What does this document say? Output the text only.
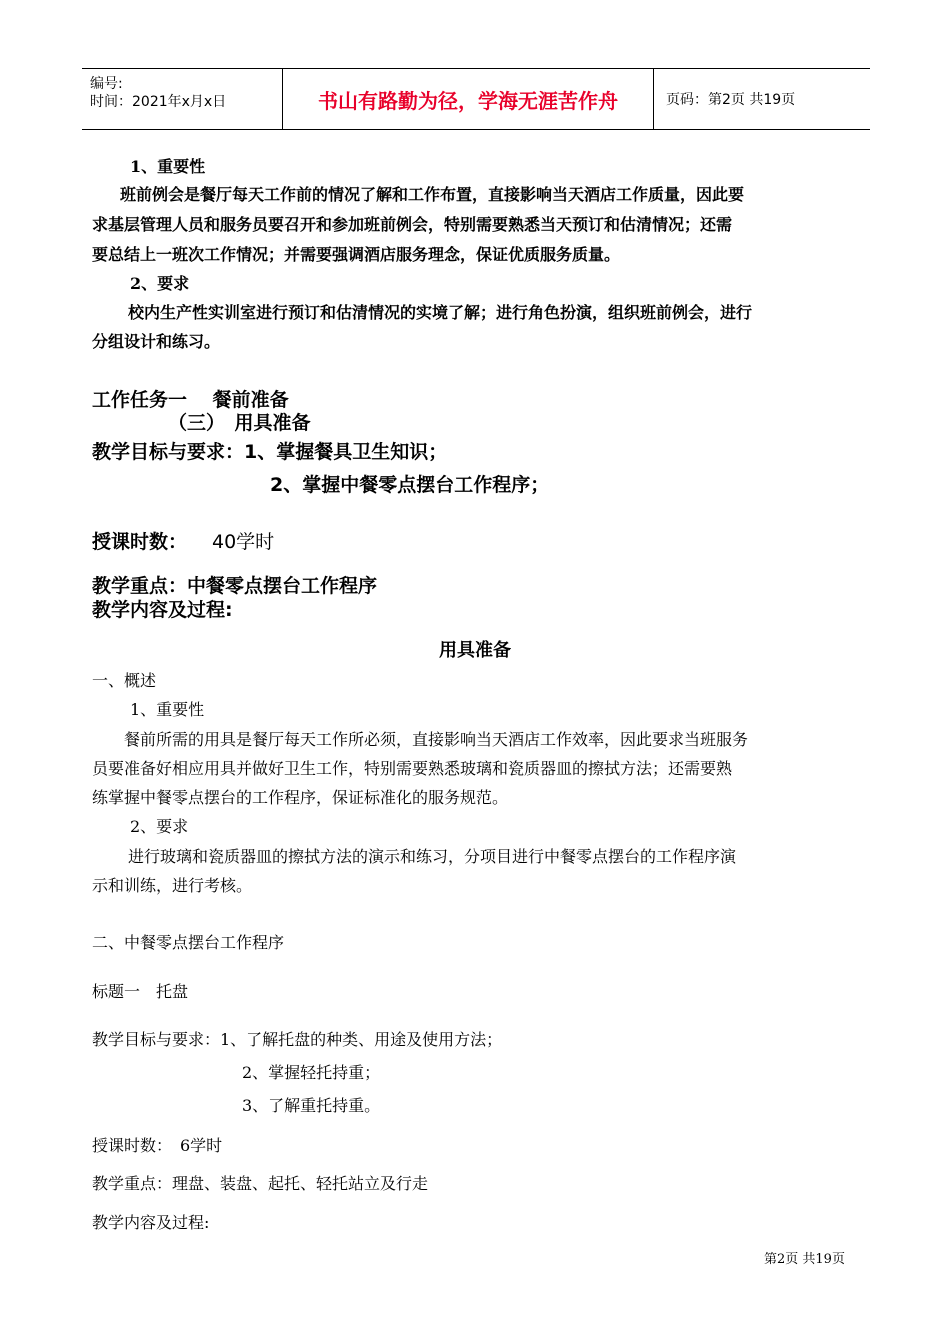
编号:
时间：2021年x月x日	书山有路勤为径，学海无涯苦作舟	页码：第2页 共19页
1、重要性
班前例会是餐厅每天工作前的情况了解和工作布置，直接影响当天酒店工作质量，因此要
求基层管理人员和服务员要召开和参加班前例会，特别需要熟悉当天预订和估清情况；还需
要总结上一班次工作情况；并需要强调酒店服务理念，保证优质服务质量。
2、要求
校内生产性实训室进行预订和估清情况的实境了解；进行角色扮演，组织班前例会，进行
分组设计和练习。
工作任务一　 餐前准备
（三）　用具准备
教学目标与要求：1、掌握餐具卫生知识；
2、掌握中餐零点摆台工作程序；
授课时数： 40学时
教学重点：中餐零点摆台工作程序
教学内容及过程:
用具准备
一、概述
1、重要性
餐前所需的用具是餐厅每天工作所必须，直接影响当天酒店工作效率，因此要求当班服务
员要准备好相应用具并做好卫生工作，特别需要熟悉玻璃和瓷质器皿的擦拭方法；还需要熟
练掌握中餐零点摆台的工作程序，保证标准化的服务规范。
2、要求
进行玻璃和瓷质器皿的擦拭方法的演示和练习，分项目进行中餐零点摆台的工作程序演
示和训练，进行考核。
二、中餐零点摆台工作程序
标题一　托盘
教学目标与要求：1、了解托盘的种类、用途及使用方法；
2、掌握轻托持重；
3、了解重托持重。
授课时数：　6学时
教学重点：理盘、装盘、起托、轻托站立及行走
教学内容及过程:
第2页 共19页
